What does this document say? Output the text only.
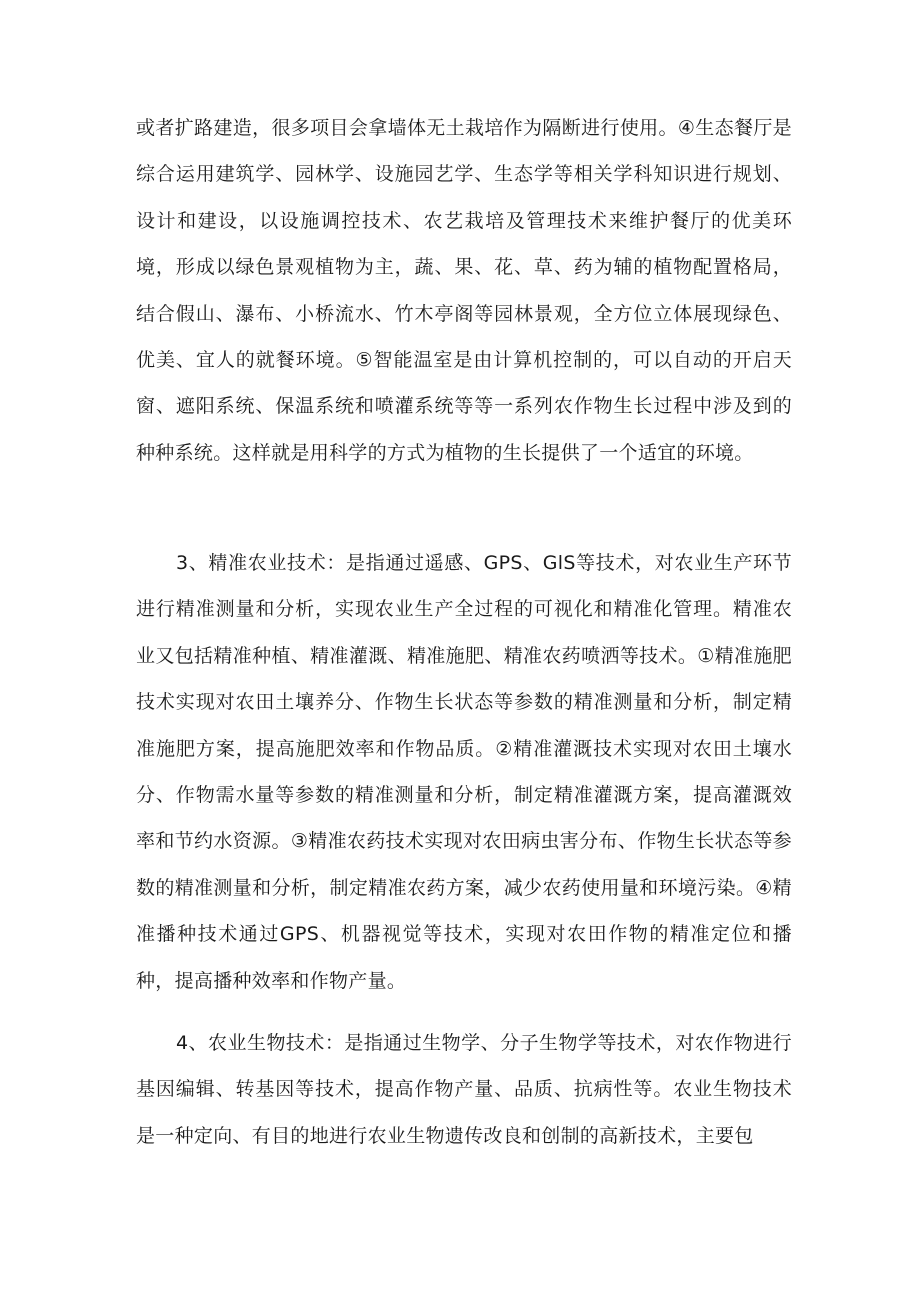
或者扩路建造，很多项目会拿墙体无土栽培作为隔断进行使用。④生态餐厅是综合运用建筑学、园林学、设施园艺学、生态学等相关学科知识进行规划、设计和建设，以设施调控技术、农艺栽培及管理技术来维护餐厅的优美环境，形成以绿色景观植物为主，蔬、果、花、草、药为辅的植物配置格局，结合假山、瀑布、小桥流水、竹木亭阁等园林景观，全方位立体展现绿色、优美、宜人的就餐环境。⑤智能温室是由计算机控制的，可以自动的开启天窗、遮阳系统、保温系统和喷灌系统等等一系列农作物生长过程中涉及到的种种系统。这样就是用科学的方式为植物的生长提供了一个适宜的环境。

3、精准农业技术：是指通过遥感、GPS、GlS等技术，对农业生产环节进行精准测量和分析，实现农业生产全过程的可视化和精准化管理。精准农业又包括精准种植、精准灌溉、精准施肥、精准农药喷洒等技术。①精准施肥技术实现对农田土壤养分、作物生长状态等参数的精准测量和分析，制定精准施肥方案，提高施肥效率和作物品质。②精准灌溉技术实现对农田土壤水分、作物需水量等参数的精准测量和分析，制定精准灌溉方案，提高灌溉效率和节约水资源。③精准农药技术实现对农田病虫害分布、作物生长状态等参数的精准测量和分析，制定精准农药方案，减少农药使用量和环境污染。④精准播种技术通过GPS、机器视觉等技术，实现对农田作物的精准定位和播种，提高播种效率和作物产量。

4、农业生物技术：是指通过生物学、分子生物学等技术，对农作物进行基因编辑、转基因等技术，提高作物产量、品质、抗病性等。农业生物技术是一种定向、有目的地进行农业生物遗传改良和创制的高新技术，主要包
